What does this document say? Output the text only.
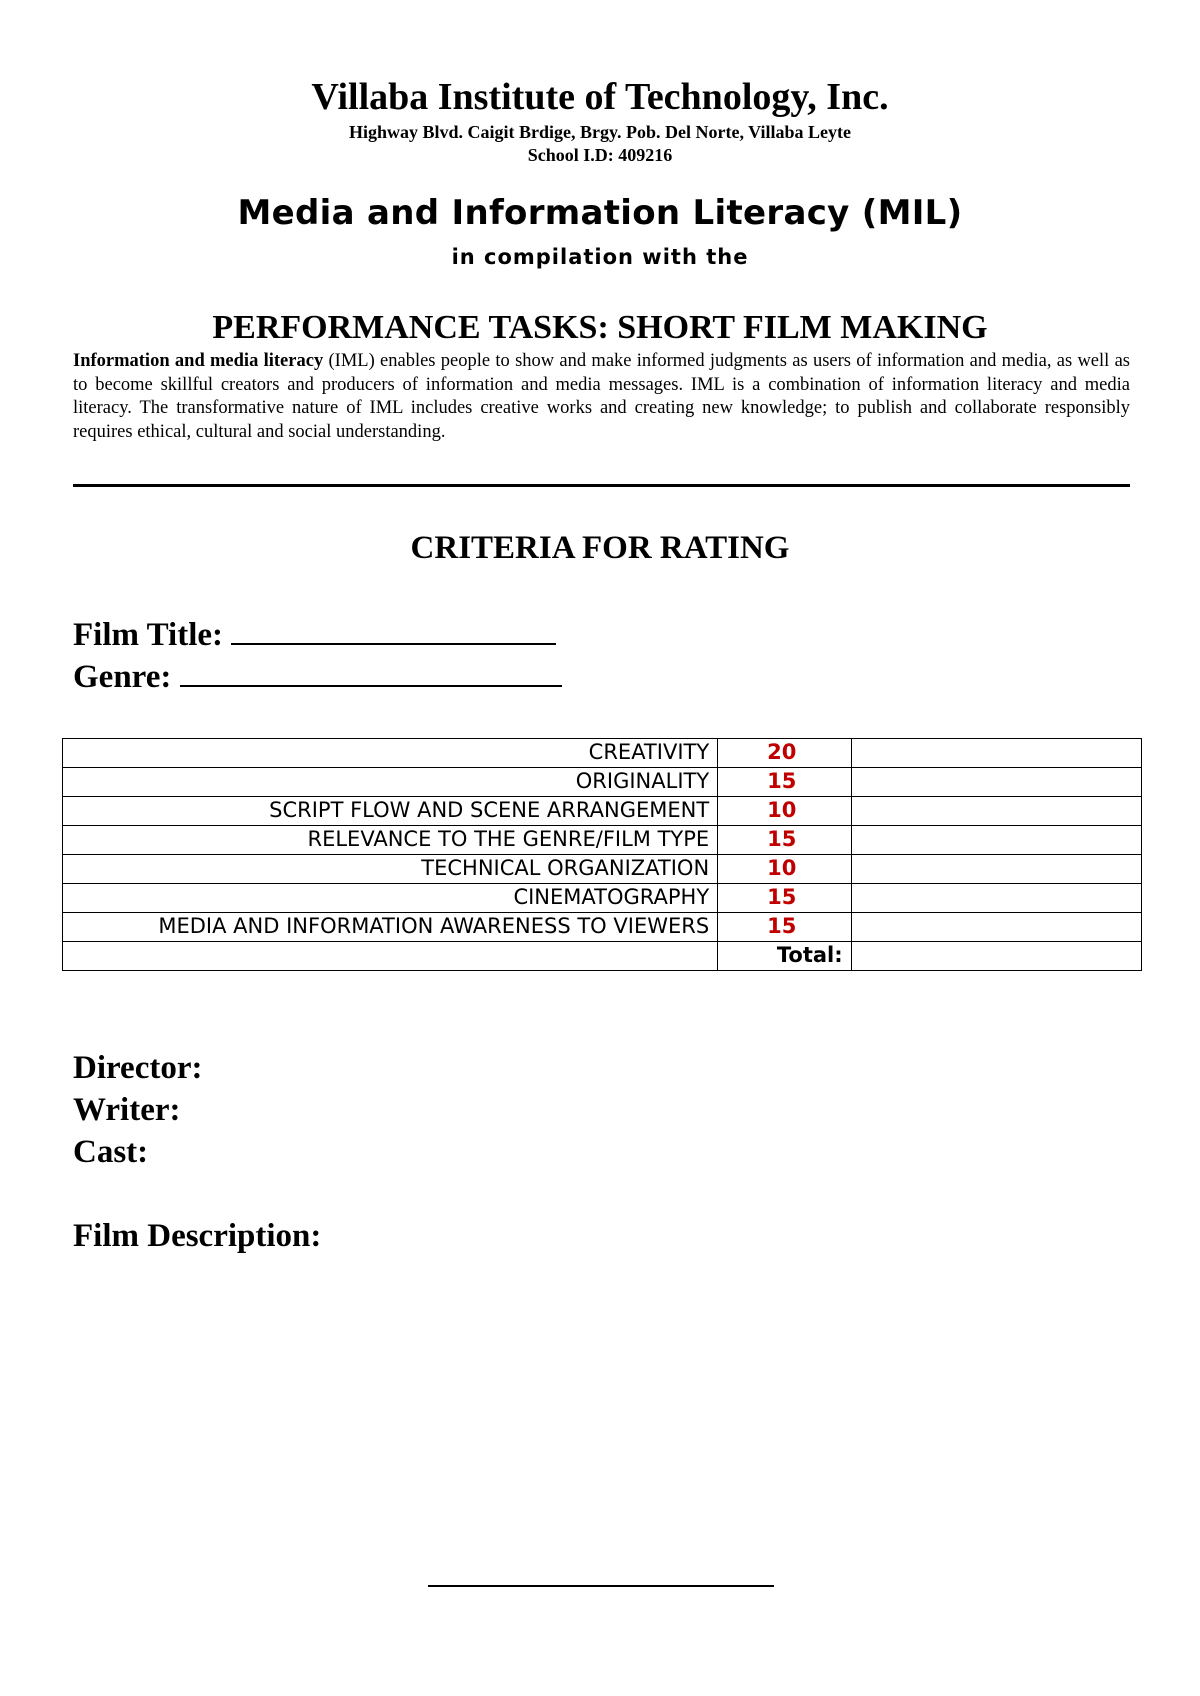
Villaba Institute of Technology, Inc.
Highway Blvd. Caigit Brdige, Brgy. Pob. Del Norte, Villaba Leyte
School I.D: 409216
Media and Information Literacy (MIL)
in compilation with the
PERFORMANCE TASKS: SHORT FILM MAKING
Information and media literacy (IML) enables people to show and make informed judgments as users of information and media, as well as to become skillful creators and producers of information and media messages. IML is a combination of information literacy and media literacy. The transformative nature of IML includes creative works and creating new knowledge; to publish and collaborate responsibly requires ethical, cultural and social understanding.
CRITERIA FOR RATING
Film Title:
Genre:
CREATIVITY	20	
ORIGINALITY	15	
SCRIPT FLOW AND SCENE ARRANGEMENT	10	
RELEVANCE TO THE GENRE/FILM TYPE	15	
TECHNICAL ORGANIZATION	10	
CINEMATOGRAPHY	15	
MEDIA AND INFORMATION AWARENESS TO VIEWERS	15	
	Total:	
Director:
Writer:
Cast:
Film Description:
